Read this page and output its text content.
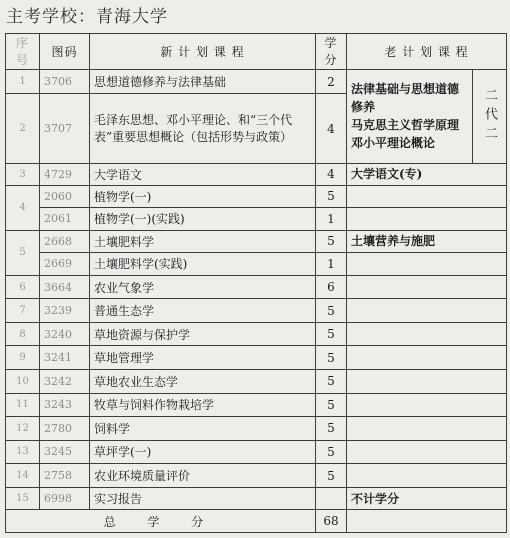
主考学校：青海大学
序号	图码	新 计 划 课 程	学分	老 计 划 课 程	
1	3706	思想道德修养与法律基础	2	法律基础与思想道德修养
马克思主义哲学原理
邓小平理论概论	二代二
2	3707	毛泽东思想、邓小平理论、和“三个代表”重要思想概论（包括形势与政策）	4		
3	4729	大学语文	4	大学语文(专)	
4	2060	植物学(一)	5		
	2061	植物学(一)(实践)	1		
5	2668	土壤肥料学	5	土壤营养与施肥	
	2669	土壤肥料学(实践)	1		
6	3664	农业气象学	6		
7	3239	普通生态学	5		
8	3240	草地资源与保护学	5		
9	3241	草地管理学	5		
10	3242	草地农业生态学	5		
11	3243	牧草与饲料作物栽培学	5		
12	2780	饲料学	5		
13	3245	草坪学(一)	5		
14	2758	农业环境质量评价	5		
15	6998	实习报告		不计学分	
总 学 分			68		
